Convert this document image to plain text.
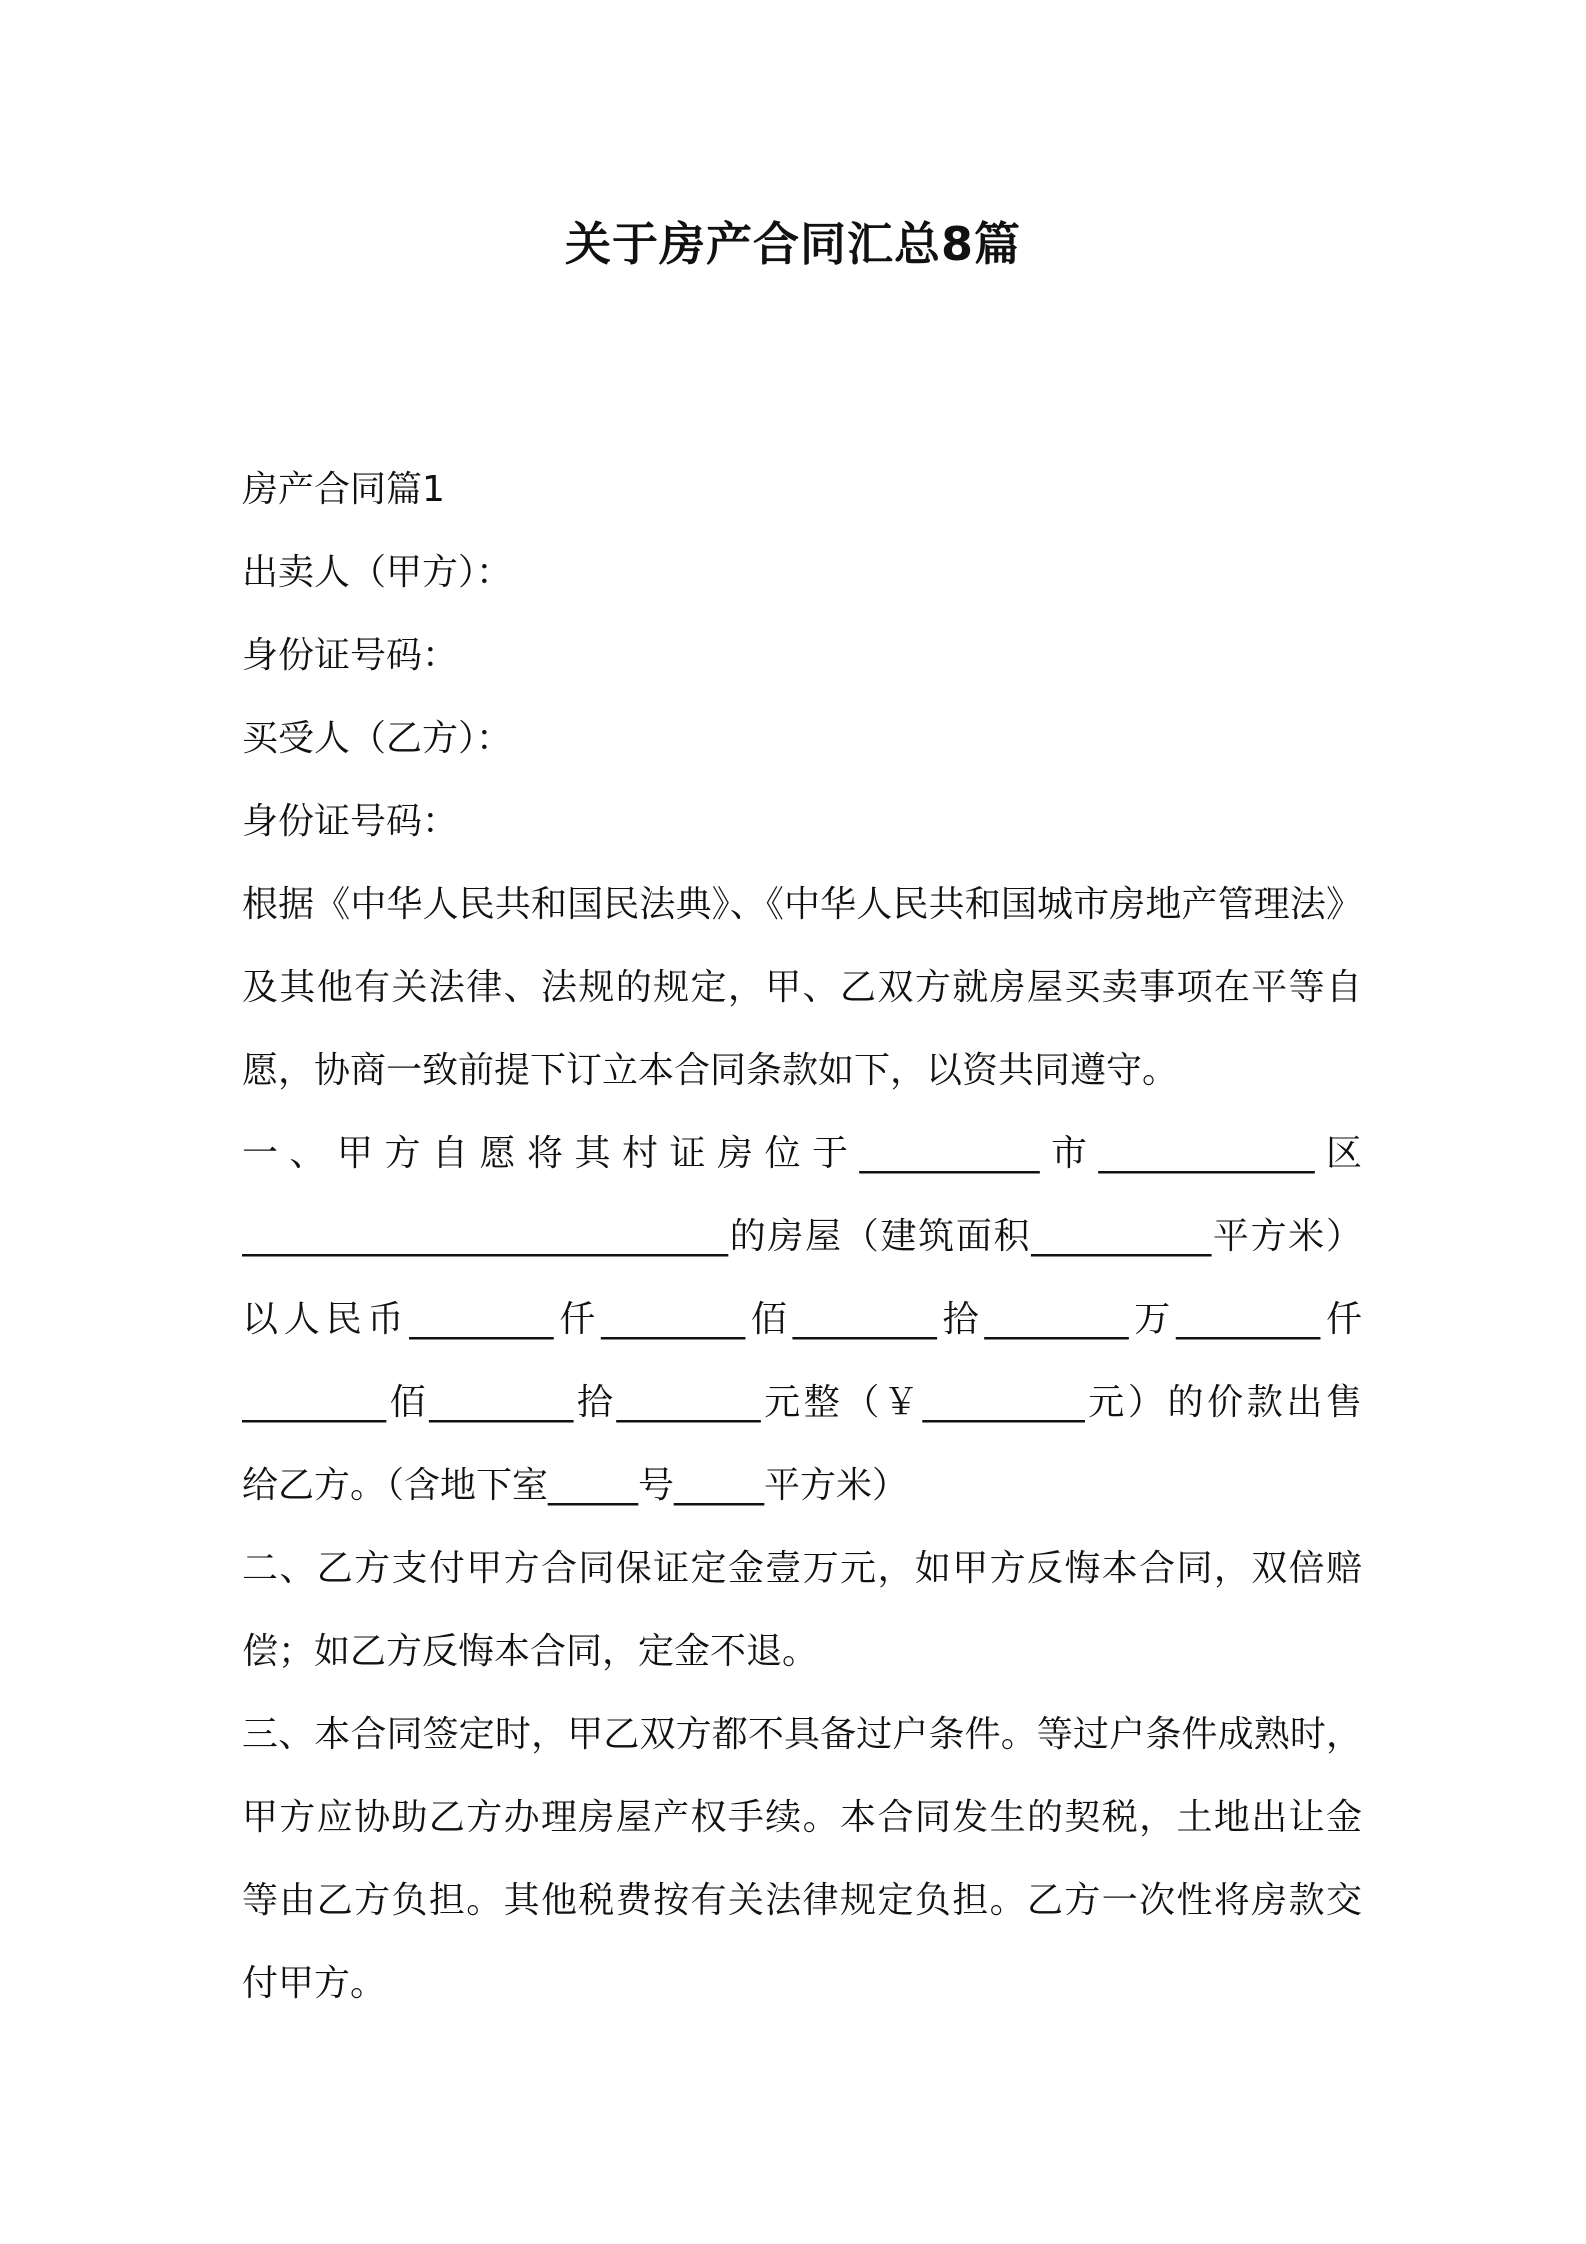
关于房产合同汇总8篇
房产合同篇1
出卖人（甲方）：
身份证号码：
买受人（乙方）：
身份证号码：
根据《中华人民共和国民法典》、《中华人民共和国城市房地产管理法》
及其他有关法律、法规的规定，甲、乙双方就房屋买卖事项在平等自
愿，协商一致前提下订立本合同条款如下，以资共同遵守。
一、甲方自愿将其村证房位于__________市____________区
___________________________的房屋（建筑面积__________平方米）
以人民币________仟________佰________拾________万________仟
________佰________拾________元整（￥_________元）的价款出售
给乙方。（含地下室_____号_____平方米）
二、乙方支付甲方合同保证定金壹万元，如甲方反悔本合同，双倍赔
偿；如乙方反悔本合同，定金不退。
三、本合同签定时，甲乙双方都不具备过户条件。等过户条件成熟时，
甲方应协助乙方办理房屋产权手续。本合同发生的契税，土地出让金
等由乙方负担。其他税费按有关法律规定负担。乙方一次性将房款交
付甲方。
